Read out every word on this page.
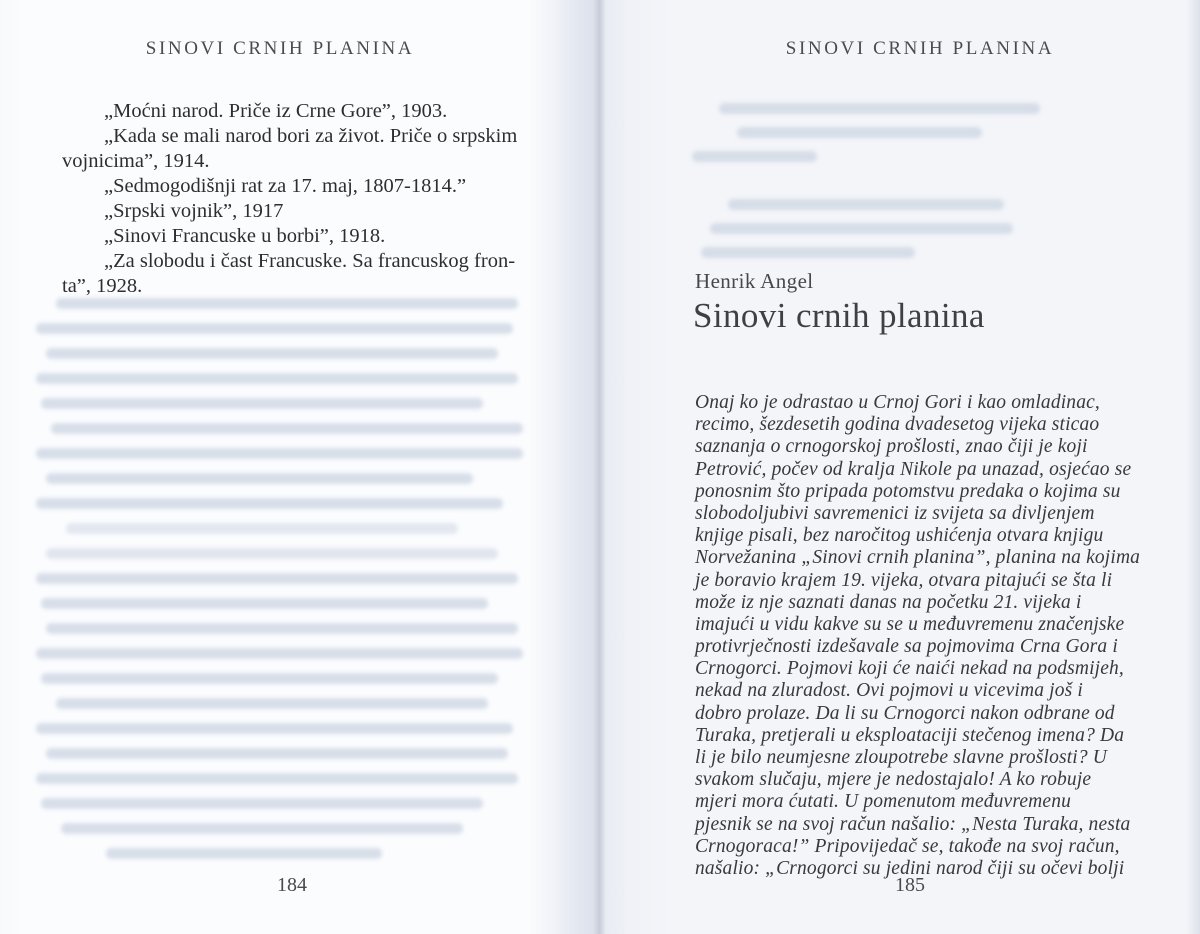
SINOVI CRNIH PLANINA
„Moćni narod. Priče iz Crne Gore”, 1903.
„Kada se mali narod bori za život. Priče o srpskim
vojnicima”, 1914.
„Sedmogodišnji rat za 17. maj, 1807-1814.”
„Srpski vojnik”, 1917
„Sinovi Francuske u borbi”, 1918.
„Za slobodu i čast Francuske. Sa francuskog fron-
ta”, 1928.
184
SINOVI CRNIH PLANINA
Henrik Angel
Sinovi crnih planina
Onaj ko je odrastao u Crnoj Gori i kao omladinac,
recimo, šezdesetih godina dvadesetog vijeka sticao
saznanja o crnogorskoj prošlosti, znao čiji je koji
Petrović, počev od kralja Nikole pa unazad, osjećao se
ponosnim što pripada potomstvu predaka o kojima su
slobodoljubivi savremenici iz svijeta sa divljenjem
knjige pisali, bez naročitog ushićenja otvara knjigu
Norvežanina „Sinovi crnih planina”, planina na kojima
je boravio krajem 19. vijeka, otvara pitajući se šta li
može iz nje saznati danas na početku 21. vijeka i
imajući u vidu kakve su se u međuvremenu značenjske
protivrječnosti izdešavale sa pojmovima Crna Gora i
Crnogorci. Pojmovi koji će naići nekad na podsmijeh,
nekad na zluradost. Ovi pojmovi u vicevima još i
dobro prolaze. Da li su Crnogorci nakon odbrane od
Turaka, pretjerali u eksploataciji stečenog imena? Da
li je bilo neumjesne zloupotrebe slavne prošlosti? U
svakom slučaju, mjere je nedostajalo! A ko robuje
mjeri mora ćutati. U pomenutom međuvremenu
pjesnik se na svoj račun našalio: „Nesta Turaka, nesta
Crnogoraca!” Pripovijedač se, takođe na svoj račun,
našalio: „Crnogorci su jedini narod čiji su očevi bolji
185
